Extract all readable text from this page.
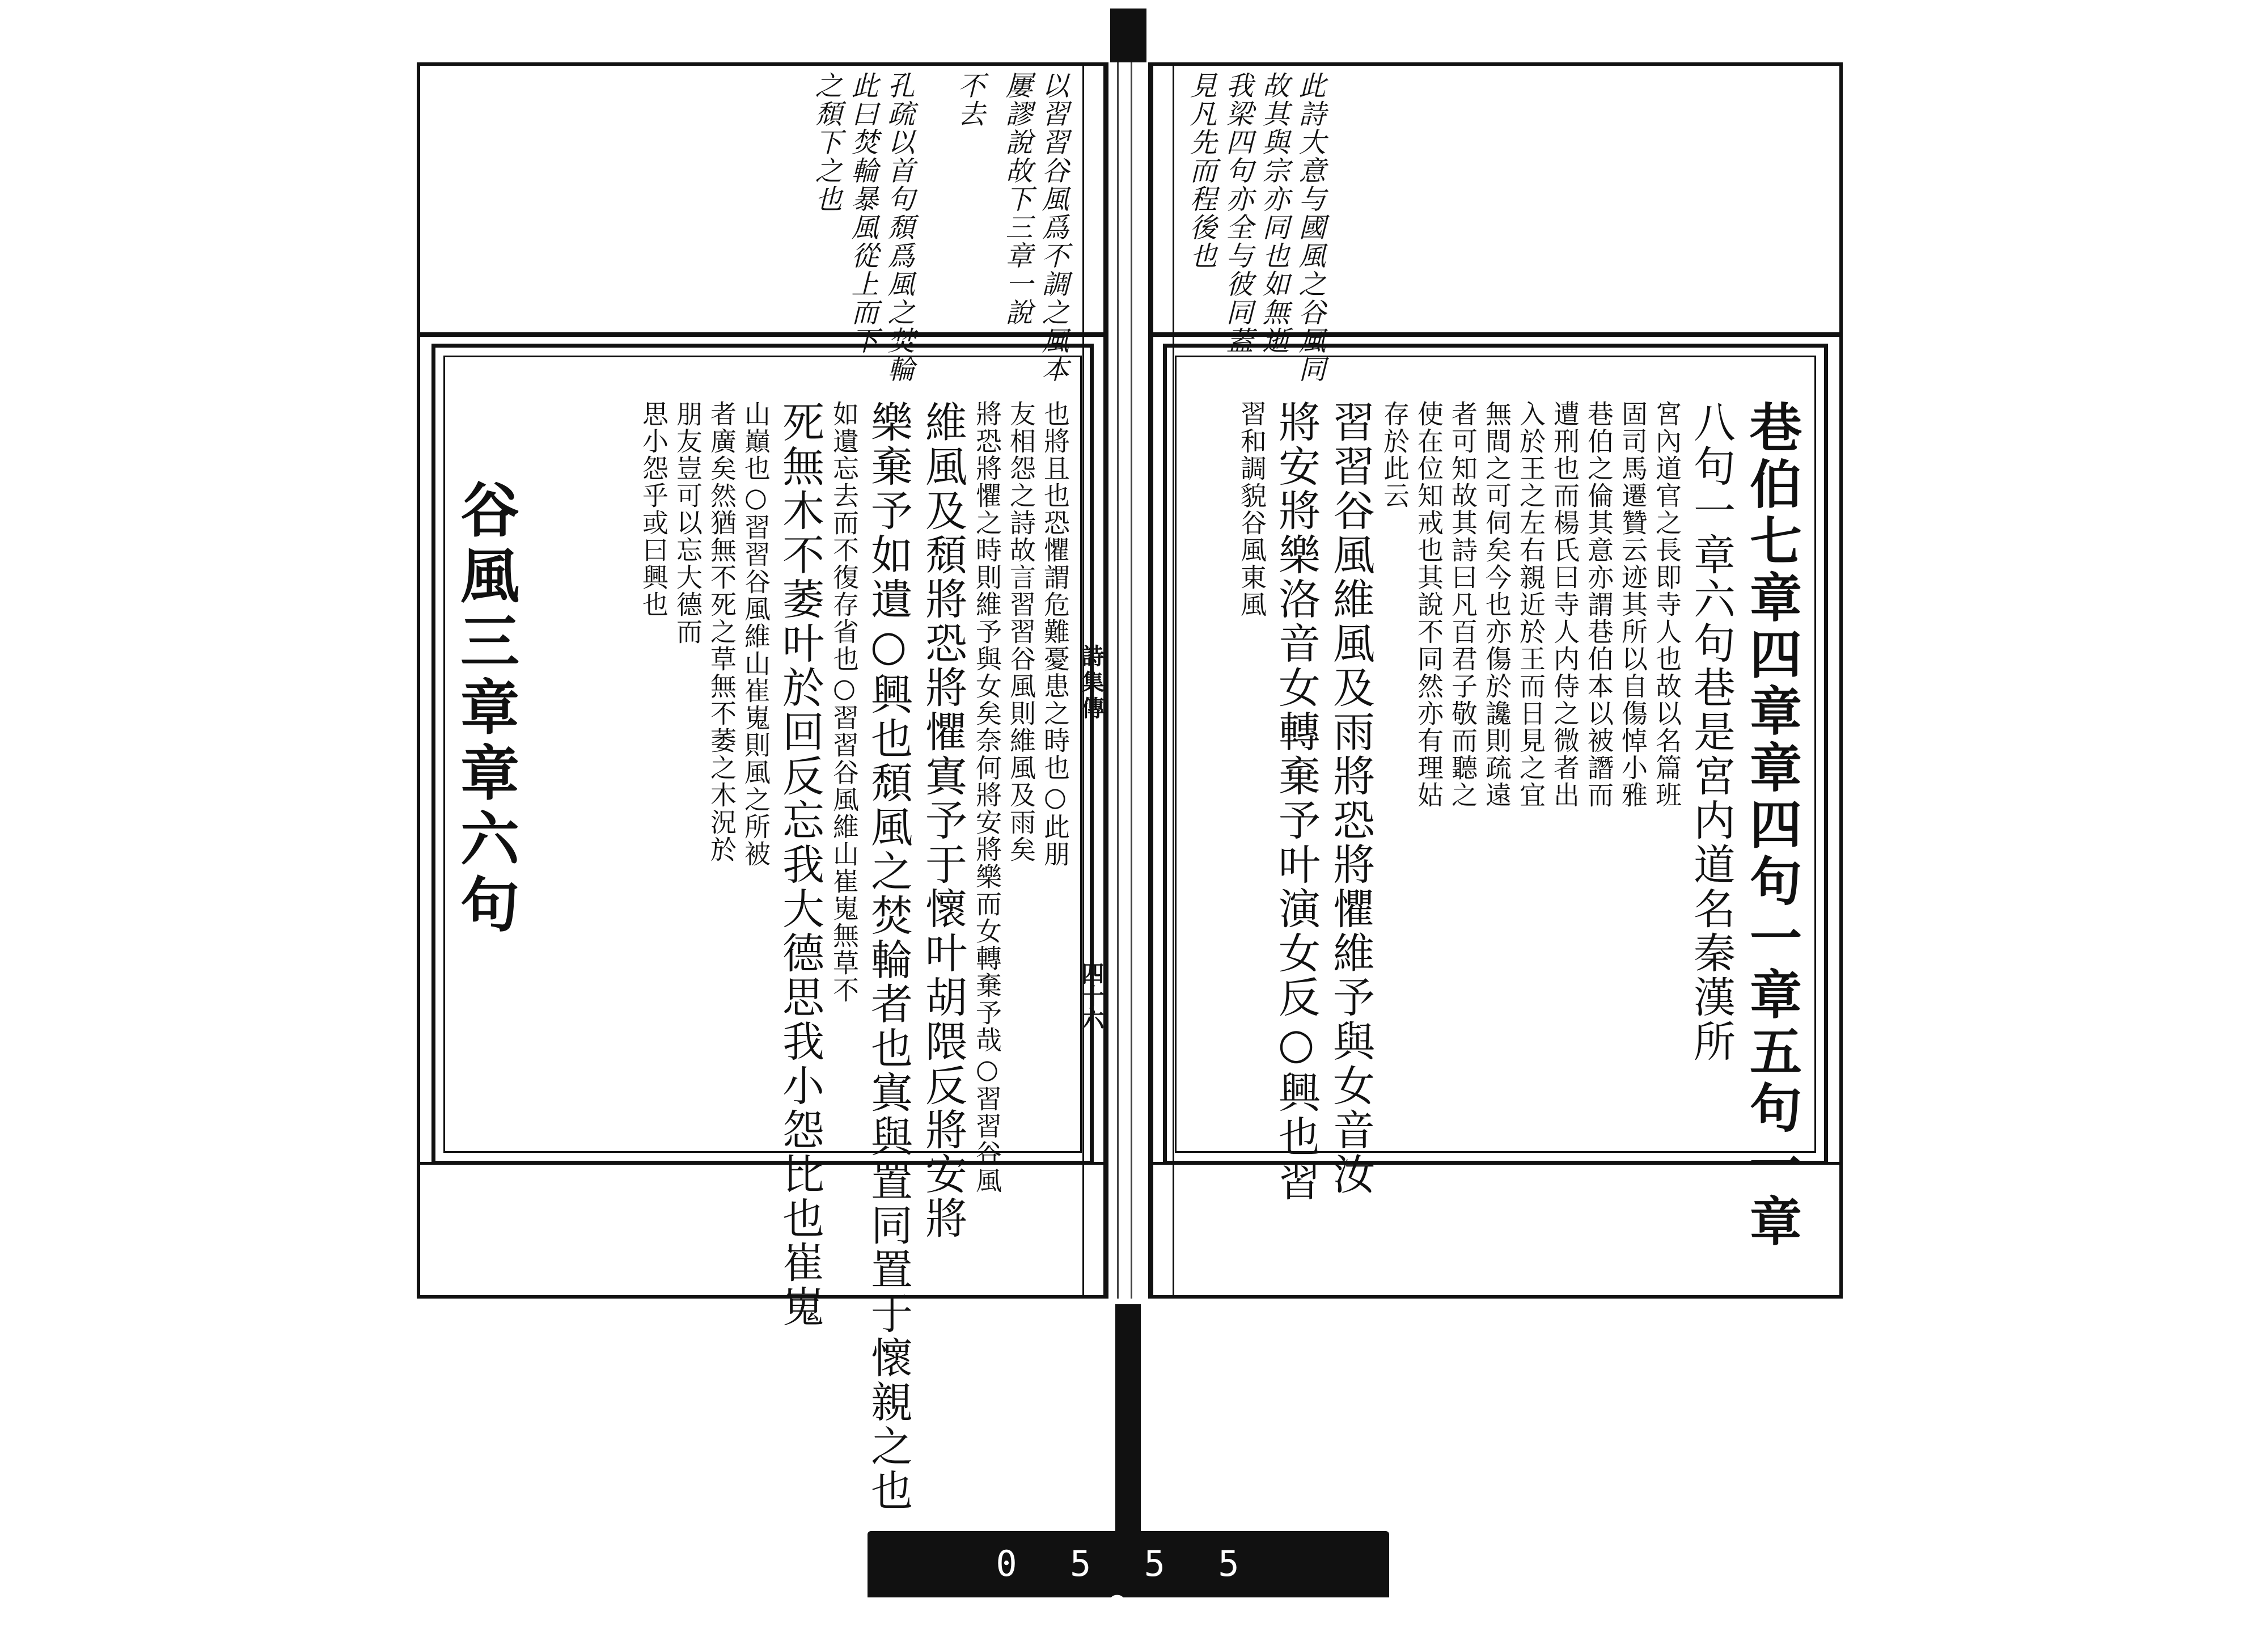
0 5 5 5 9
詩集傳
四十六
以習習谷風爲不調之風本
屢謬說故下三章一說
不去
孔疏以首句頹爲風之焚輪
此曰焚輪暴風從上而下
之頹下之也
也將且也恐懼謂危難憂患之時也○此朋
友相怨之詩故言習習谷風則維風及雨矣
將恐將懼之時則維予與女矣奈何將安將樂而女轉棄予哉○習習谷風
維風及頹將恐將懼寘予于懷叶胡隈反將安將
樂棄予如遺○興也頹風之焚輪者也寘與置同置于懷親之也
如遺忘去而不復存省也○習習谷風維山崔嵬無草不
死無木不萎叶於回反忘我大德思我小怨比也崔嵬
山巔也○習習谷風維山崔嵬則風之所被
者廣矣然猶無不死之草無不萎之木況於
朋友豈可以忘大德而
思小怨乎或曰興也
谷風三章章六句
此詩大意与國風之谷風同
故其與宗亦同也如無逝
我梁四句亦全与彼同蓋
見凡先而程後也
巷伯七章四章章四句一章五句一章
八句一章六句巷是宮内道名秦漢所
宮內道官之長即寺人也故以名篇班
固司馬遷贊云迹其所以自傷悼小雅
巷伯之倫其意亦謂巷伯本以被譖而
遭刑也而楊氏曰寺人内侍之微者出
入於王之左右親近於王而日見之宜
無間之可伺矣今也亦傷於讒則疏遠
者可知故其詩曰凡百君子敬而聽之
使在位知戒也其說不同然亦有理姑
存於此云
習習谷風維風及雨將恐將懼維予與女音汝
將安將樂洛音女轉棄予叶演女反○興也習
習和調貌谷風東風
